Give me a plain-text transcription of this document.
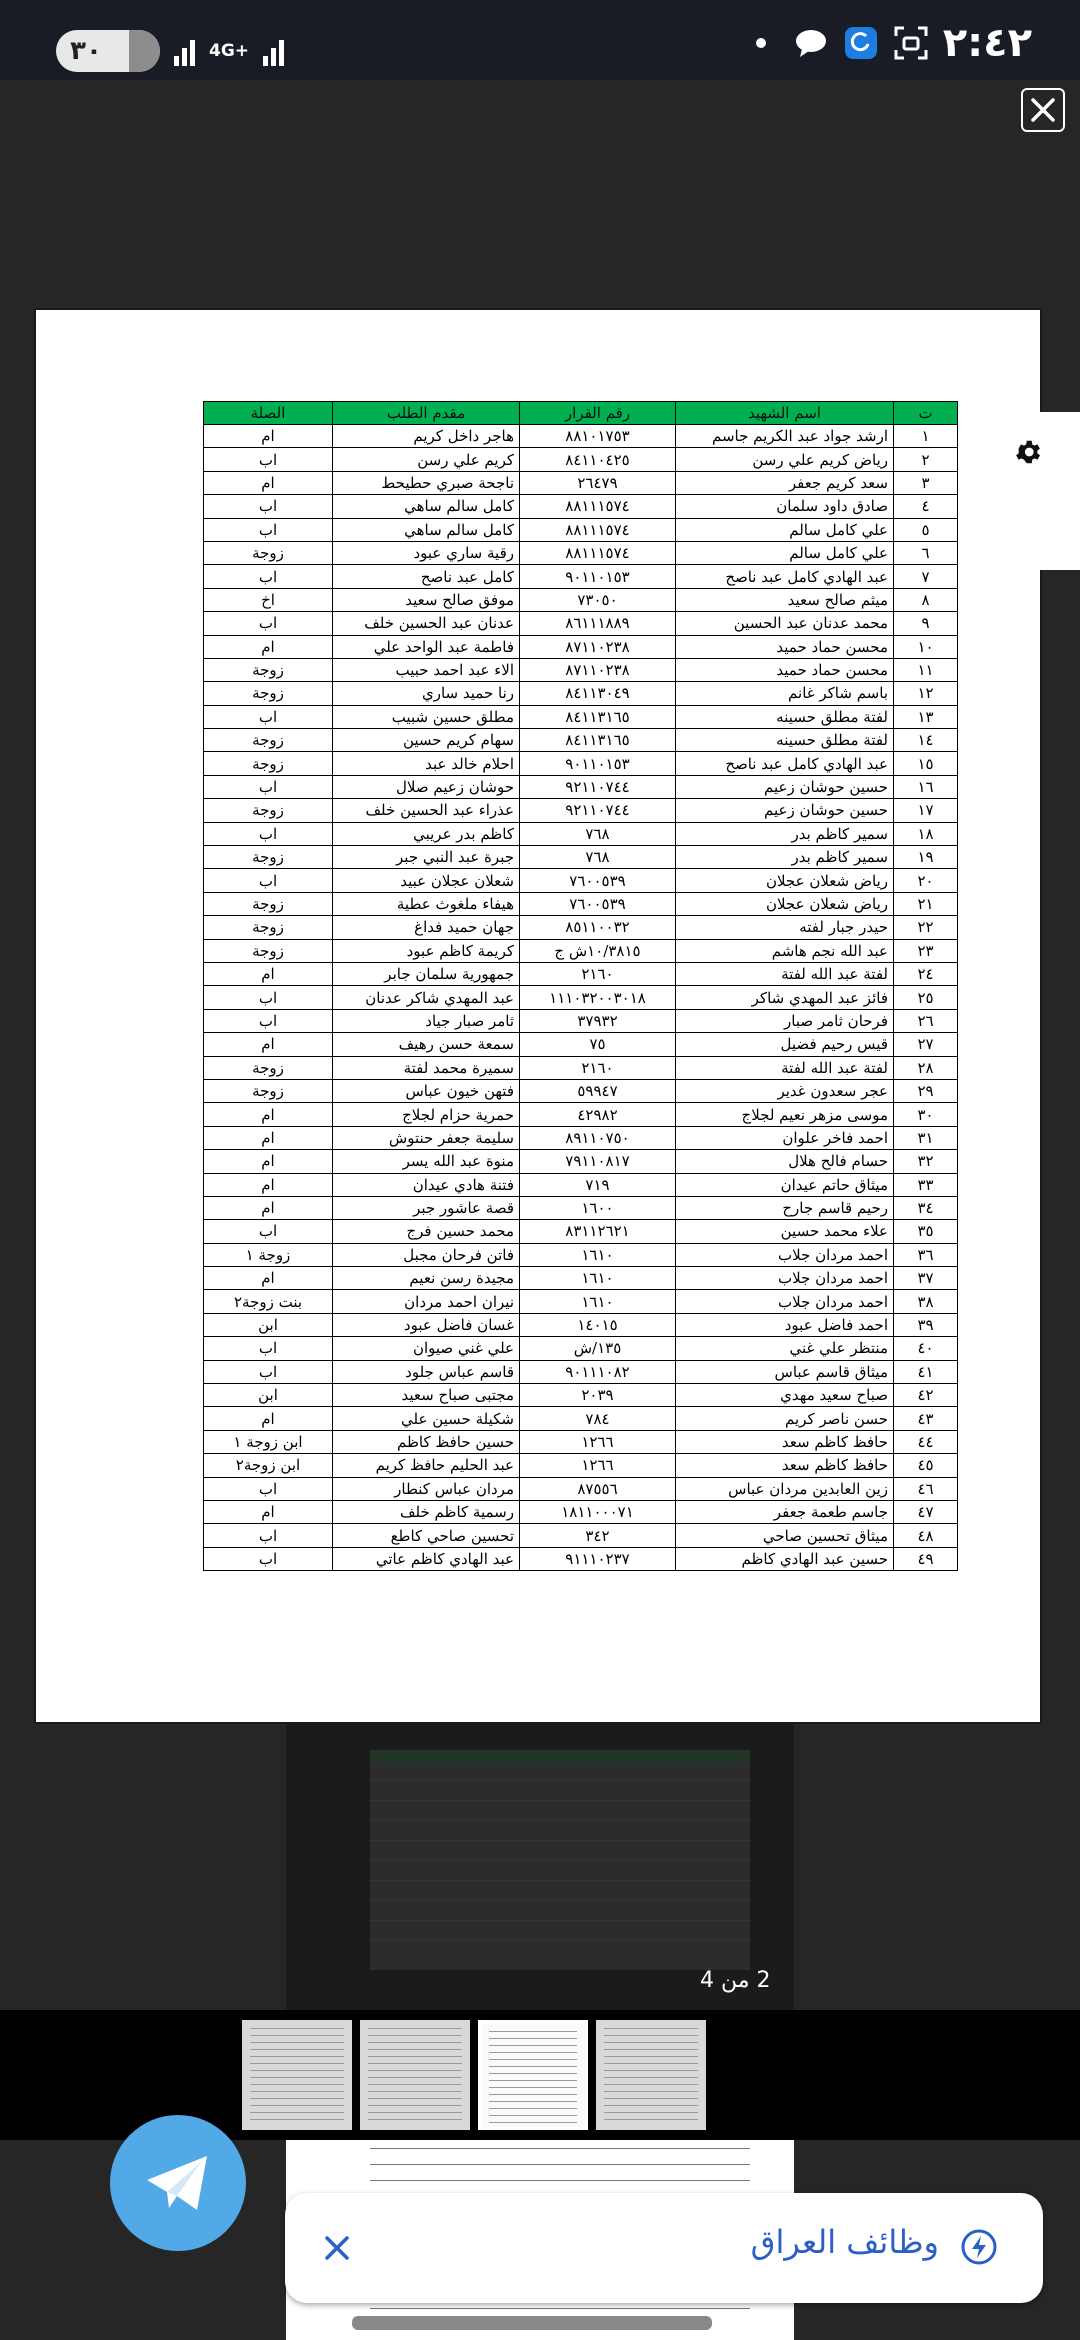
٣٠	4G+	٢:٤٢
ت	اسم الشهيد	رقم القرار	مقدم الطلب	الصلة
١	ارشد جواد عبد الكريم جاسم	٨٨١٠١٧٥٣	هاجر داخل كريم	ام
٢	رياض كريم علي رسن	٨٤١١٠٤٢٥	كريم علي رسن	اب
٣	سعد كريم جعفر	٢٦٤٧٩	ناجحة صبري حطيحط	ام
٤	صادق داود سلمان	٨٨١١١٥٧٤	كامل سالم ساهي	اب
٥	علي كامل سالم	٨٨١١١٥٧٤	كامل سالم ساهي	اب
٦	علي كامل سالم	٨٨١١١٥٧٤	رقية ساري عبود	زوجة
٧	عبد الهادي كامل عبد ناصح	٩٠١١٠١٥٣	كامل عبد ناصح	اب
٨	ميثم صالح سعيد	٧٣٠٥٠	موفق صالح سعيد	اخ
٩	محمد عدنان عبد الحسين	٨٦١١١٨٨٩	عدنان عبد الحسين خلف	اب
١٠	محسن حماد حميد	٨٧١١٠٢٣٨	فاطمة عبد الواحد علي	ام
١١	محسن حماد حميد	٨٧١١٠٢٣٨	الاء عبد احمد حبيب	زوجة
١٢	باسم شاكر غانم	٨٤١١٣٠٤٩	رنا حميد ساري	زوجة
١٣	لفتة مطلق حسينه	٨٤١١٣١٦٥	مطلق حسين شبيب	اب
١٤	لفتة مطلق حسينه	٨٤١١٣١٦٥	سهام كريم حسين	زوجة
١٥	عبد الهادي كامل عبد ناصح	٩٠١١٠١٥٣	احلام خالد عبد	زوجة
١٦	حسين حوشان زعيم	٩٢١١٠٧٤٤	حوشان زعيم صلال	اب
١٧	حسين حوشان زعيم	٩٢١١٠٧٤٤	عذراء عبد الحسين خلف	زوجة
١٨	سمير كاظم بدر	٧٦٨	كاظم بدر عريبي	اب
١٩	سمير كاظم بدر	٧٦٨	جبرة عبد النبي جبر	زوجة
٢٠	رياض شعلان عجلان	٧٦٠٠٥٣٩	شعلان عجلان عبيد	اب
٢١	رياض شعلان عجلان	٧٦٠٠٥٣٩	هيفاء ملغوث عطية	زوجة
٢٢	حيدر جبار لفته	٨٥١١٠٠٣٢	جهان حميد فداغ	زوجة
٢٣	عبد الله نجم هاشم	١٠/٣٨١٥ش ج	كريمة كاظم عبود	زوجة
٢٤	لفتة عبد الله لفتة	٢١٦٠	جمهورية سلمان جابر	ام
٢٥	فائز عبد المهدي شاكر	١١١٠٣٢٠٠٣٠١٨	عبد المهدي شاكر عدنان	اب
٢٦	فرحان ثامر صبار	٣٧٩٣٢	ثامر صبار جياد	اب
٢٧	قيس رحيم فضيل	٧٥	سمعة حسن رهيف	ام
٢٨	لفتة عبد الله لفتة	٢١٦٠	سميرة محمد لفتة	زوجة
٢٩	عجر سعدون غدير	٥٩٩٤٧	فتهن خيون عباس	زوجة
٣٠	موسى مزهر نعيم لجلاج	٤٢٩٨٢	حمرية حزام لجلاج	ام
٣١	احمد فاخر علوان	٨٩١١٠٧٥٠	سليمة جعفر حنتوش	ام
٣٢	حسام فالح هلال	٧٩١١٠٨١٧	منوة عبد الله يسر	ام
٣٣	ميثاق حاتم عيدان	٧١٩	فتنة هادي عيدان	ام
٣٤	رحيم قاسم جارح	١٦٠٠	قصة عاشور جبر	ام
٣٥	علاء محمد حسين	٨٣١١٢٦٢١	محمد حسين فرج	اب
٣٦	احمد مردان جلاب	١٦١٠	فاتن فرحان مجبل	زوجة ١
٣٧	احمد مردان جلاب	١٦١٠	مجيدة رسن نعيم	ام
٣٨	احمد مردان جلاب	١٦١٠	نيران احمد مردان	بنت زوجة٢
٣٩	احمد فاضل عبود	١٤٠١٥	غسان فاضل عبود	ابن
٤٠	منتظر علي غني	١٣٥/ش	علي غني صيوان	اب
٤١	ميثاق قاسم عباس	٩٠١١١٠٨٢	قاسم عباس جلود	اب
٤٢	صباح سعيد مهدي	٢٠٣٩	مجتبى صباح سعيد	ابن
٤٣	حسن ناصر كريم	٧٨٤	شكيلة حسين علي	ام
٤٤	حافظ كاظم سعد	١٢٦٦	حسين حافظ كاظم	ابن زوجة ١
٤٥	حافظ كاظم سعد	١٢٦٦	عبد الحليم حافظ كريم	ابن زوجة٢
٤٦	زين العابدين مردان عباس	٨٧٥٥٦	مردان عباس كنطار	اب
٤٧	جاسم طعمة جعفر	١٨١١٠٠٠٧١	رسمية كاظم خلف	ام
٤٨	ميثاق تحسين صاحي	٣٤٢	تحسين صاحي كاطع	اب
٤٩	حسين عبد الهادي كاظم	٩١١١٠٢٣٧	عبد الهادي كاظم عاتي	اب
2 من 4
وظائف العراق
